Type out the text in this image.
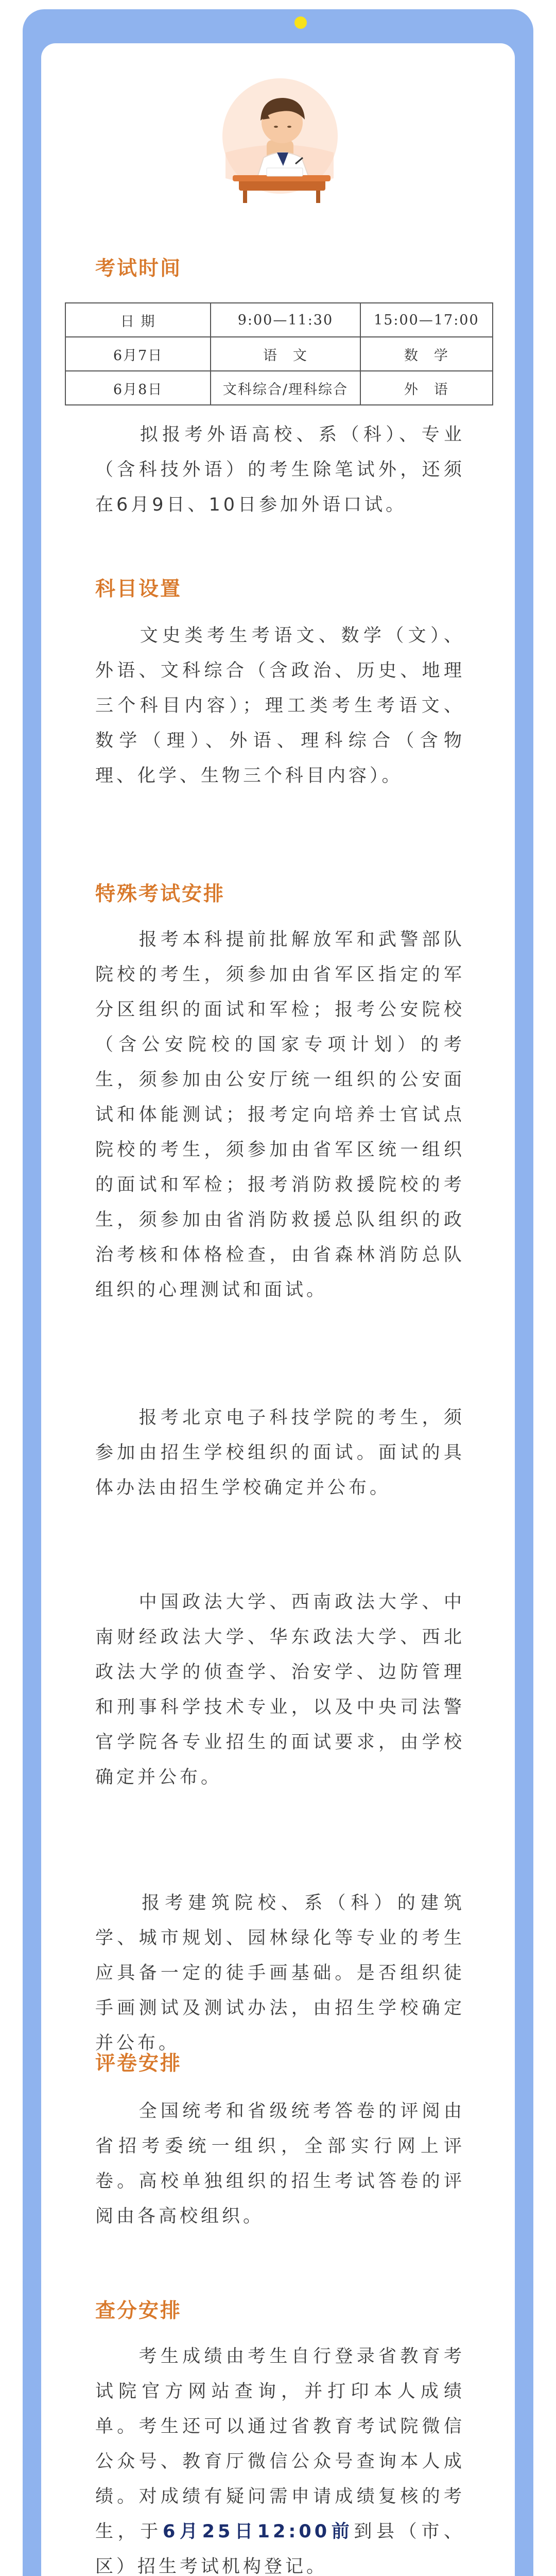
考试时间
日 期	9:00—11:30	15:00—17:00
6月7日	语　文	数　学
6月8日	文科综合/理科综合	外　语
　　拟报考外语高校、系（科）、专业（含科技外语）的考生除笔试外，还须在6月9日、10日参加外语口试。
科目设置
　　文史类考生考语文、数学（文）、外语、文科综合（含政治、历史、地理三个科目内容）；理工类考生考语文、数学（理）、外语、理科综合（含物理、化学、生物三个科目内容）。
特殊考试安排
　　报考本科提前批解放军和武警部队院校的考生，须参加由省军区指定的军分区组织的面试和军检；报考公安院校（含公安院校的国家专项计划）的考生，须参加由公安厅统一组织的公安面试和体能测试；报考定向培养士官试点院校的考生，须参加由省军区统一组织的面试和军检；报考消防救援院校的考生，须参加由省消防救援总队组织的政治考核和体格检查，由省森林消防总队组织的心理测试和面试。
　　报考北京电子科技学院的考生，须参加由招生学校组织的面试。面试的具体办法由招生学校确定并公布。
　　中国政法大学、西南政法大学、中南财经政法大学、华东政法大学、西北政法大学的侦查学、治安学、边防管理和刑事科学技术专业，以及中央司法警官学院各专业招生的面试要求，由学校确定并公布。
　　报考建筑院校、系（科）的建筑学、城市规划、园林绿化等专业的考生应具备一定的徒手画基础。是否组织徒手画测试及测试办法，由招生学校确定并公布。
评卷安排
　　全国统考和省级统考答卷的评阅由省招考委统一组织，全部实行网上评卷。高校单独组织的招生考试答卷的评阅由各高校组织。
查分安排
　　考生成绩由考生自行登录省教育考试院官方网站查询，并打印本人成绩单。考生还可以通过省教育考试院微信公众号、教育厅微信公众号查询本人成绩。对成绩有疑问需申请成绩复核的考生，于6月25日12:00前到县（市、区）招生考试机构登记。
